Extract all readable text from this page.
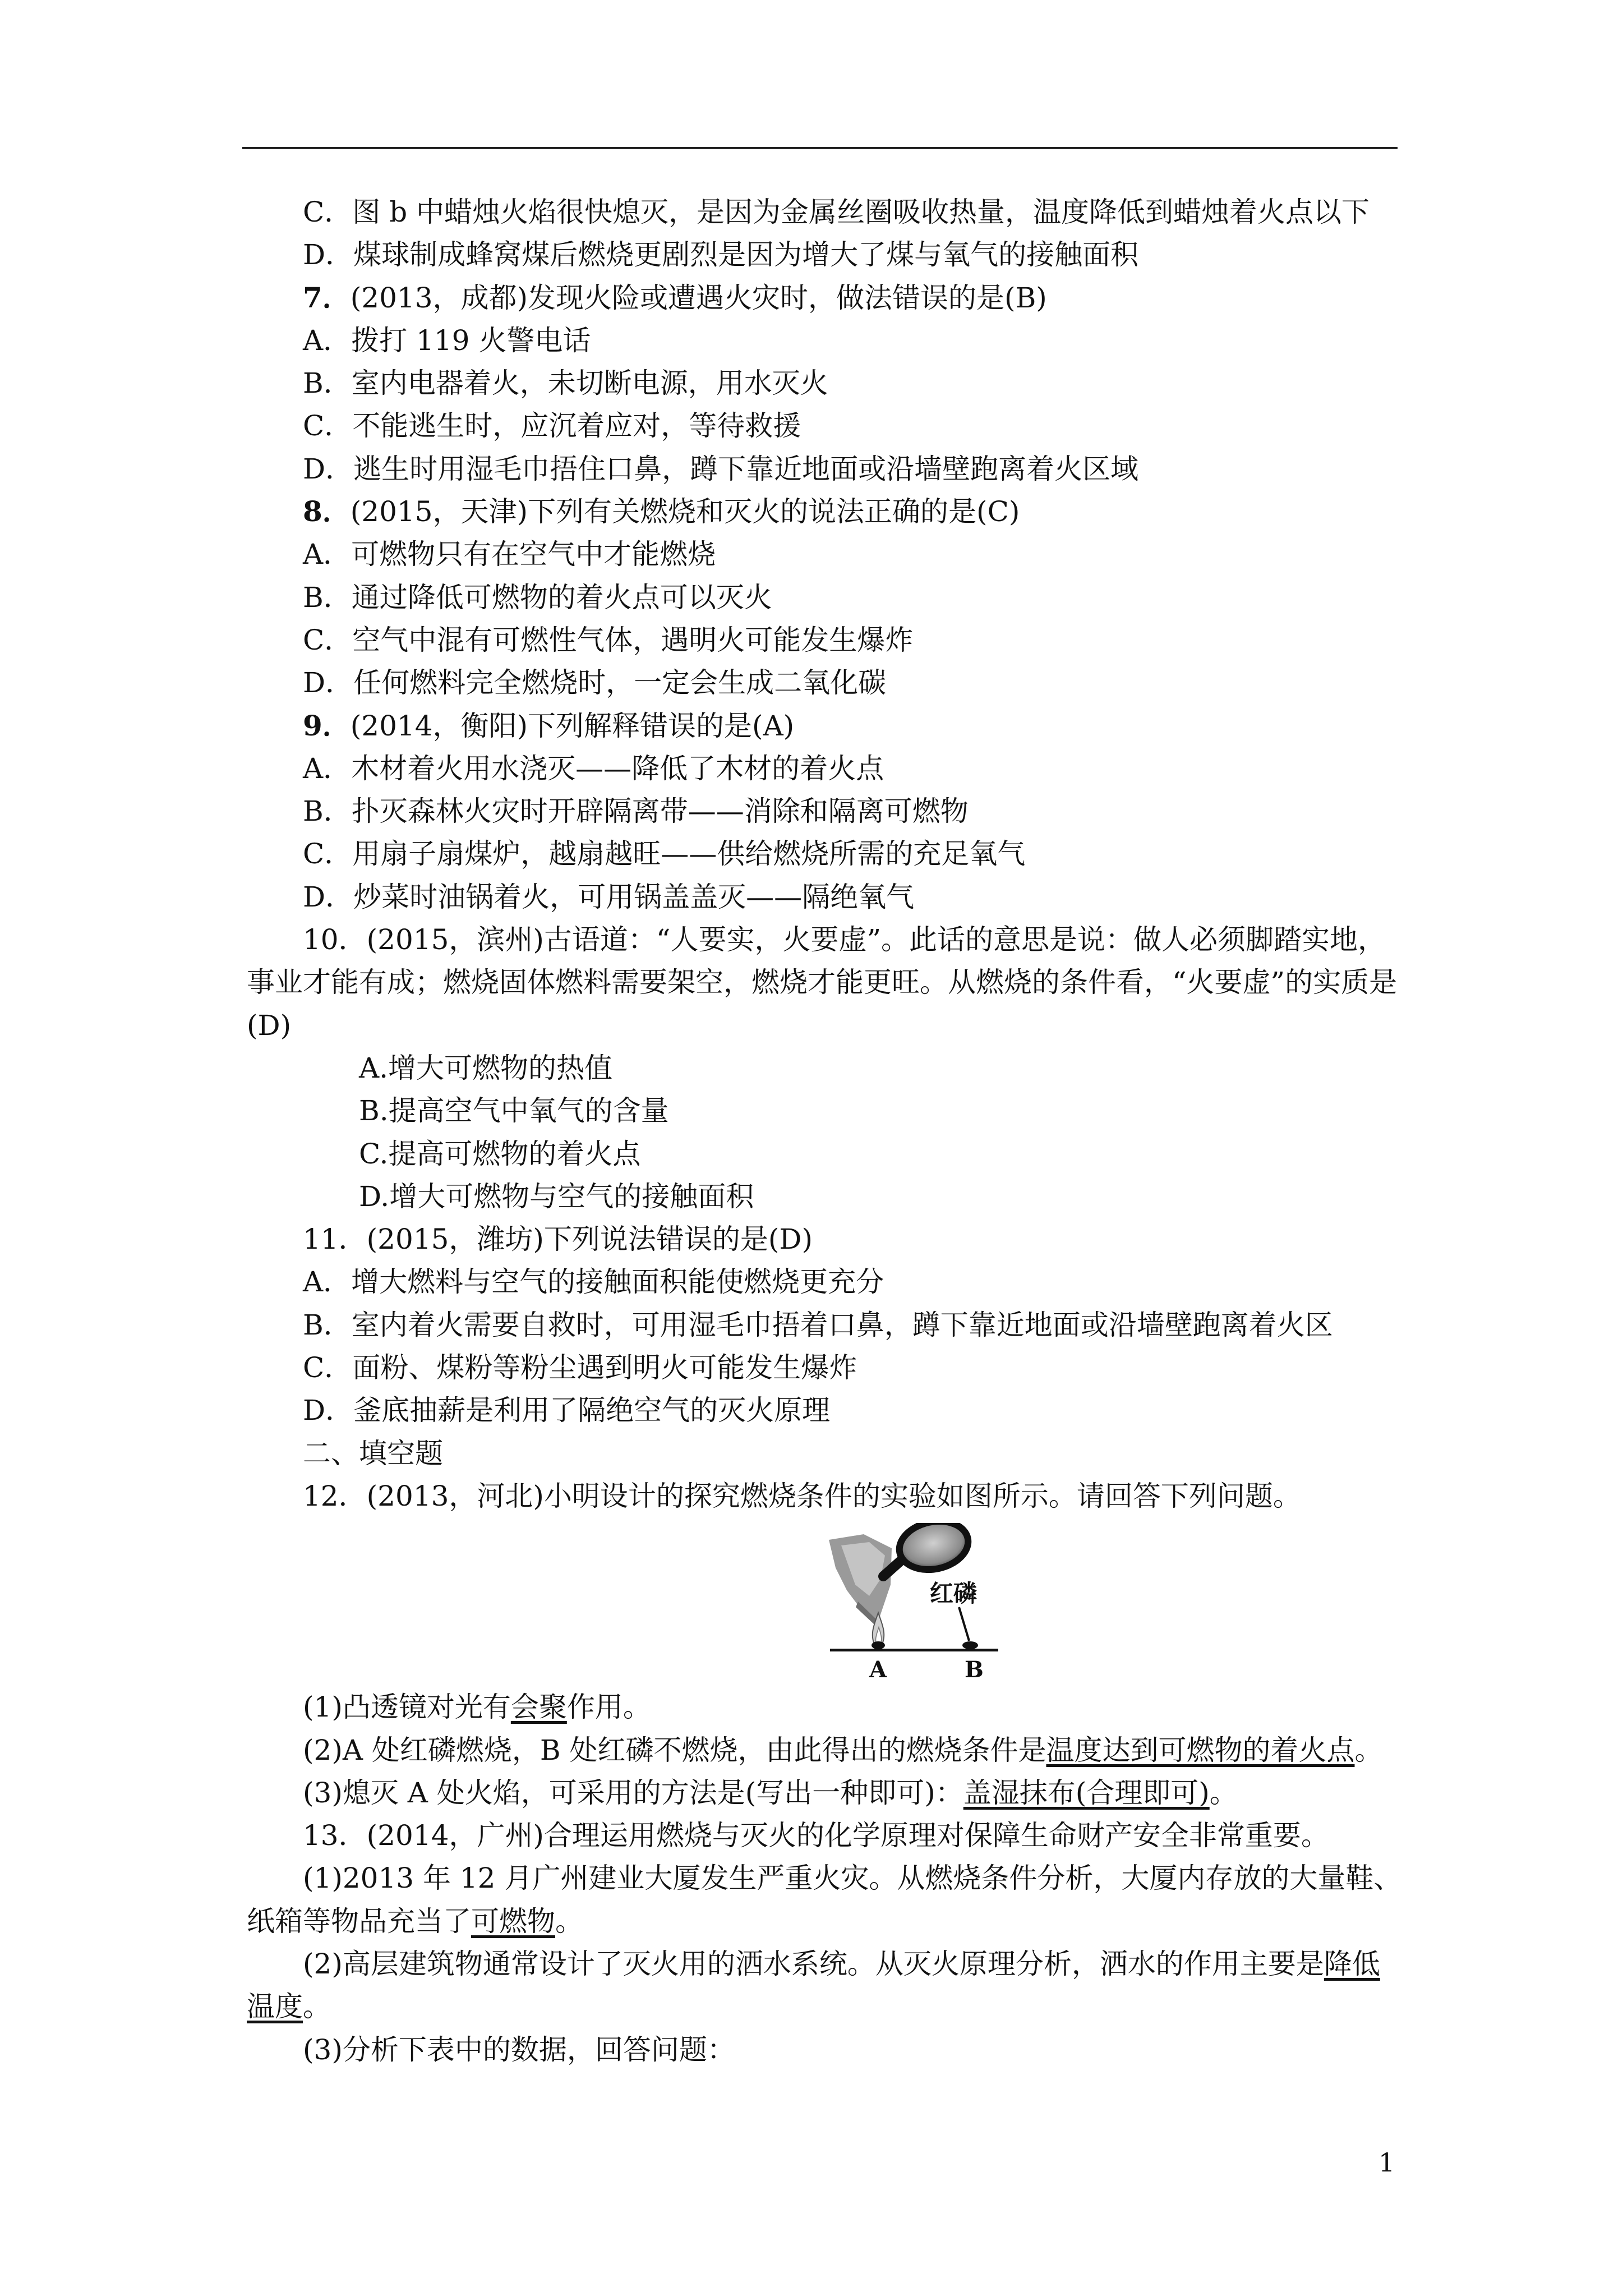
C．图 b 中蜡烛火焰很快熄灭，是因为金属丝圈吸收热量，温度降低到蜡烛着火点以下
D．煤球制成蜂窝煤后燃烧更剧烈是因为增大了煤与氧气的接触面积
7．(2013，成都)发现火险或遭遇火灾时，做法错误的是(B)
A．拨打 119 火警电话
B．室内电器着火，未切断电源，用水灭火
C．不能逃生时，应沉着应对，等待救援
D．逃生时用湿毛巾捂住口鼻，蹲下靠近地面或沿墙壁跑离着火区域
8．(2015，天津)下列有关燃烧和灭火的说法正确的是(C)
A．可燃物只有在空气中才能燃烧
B．通过降低可燃物的着火点可以灭火
C．空气中混有可燃性气体，遇明火可能发生爆炸
D．任何燃料完全燃烧时，一定会生成二氧化碳
9．(2014，衡阳)下列解释错误的是(A)
A．木材着火用水浇灭——降低了木材的着火点
B．扑灭森林火灾时开辟隔离带——消除和隔离可燃物
C．用扇子扇煤炉，越扇越旺——供给燃烧所需的充足氧气
D．炒菜时油锅着火，可用锅盖盖灭——隔绝氧气
10．(2015，滨州)古语道：“人要实，火要虚”。此话的意思是说：做人必须脚踏实地，事业才能有成；燃烧固体燃料需要架空，燃烧才能更旺。从燃烧的条件看，“火要虚”的实质是(D)
A.增大可燃物的热值
B.提高空气中氧气的含量
C.提高可燃物的着火点
D.增大可燃物与空气的接触面积
11．(2015，潍坊)下列说法错误的是(D)
A．增大燃料与空气的接触面积能使燃烧更充分
B．室内着火需要自救时，可用湿毛巾捂着口鼻，蹲下靠近地面或沿墙壁跑离着火区
C．面粉、煤粉等粉尘遇到明火可能发生爆炸
D．釜底抽薪是利用了隔绝空气的灭火原理
二、填空题
12．(2013，河北)小明设计的探究燃烧条件的实验如图所示。请回答下列问题。
红磷
A	B
(1)凸透镜对光有会聚作用。
(2)A 处红磷燃烧，B 处红磷不燃烧，由此得出的燃烧条件是温度达到可燃物的着火点。
(3)熄灭 A 处火焰，可采用的方法是(写出一种即可)：盖湿抹布(合理即可)。
13．(2014，广州)合理运用燃烧与灭火的化学原理对保障生命财产安全非常重要。
(1)2013 年 12 月广州建业大厦发生严重火灾。从燃烧条件分析，大厦内存放的大量鞋、纸箱等物品充当了可燃物。
(2)高层建筑物通常设计了灭火用的洒水系统。从灭火原理分析，洒水的作用主要是降低温度。
(3)分析下表中的数据，回答问题：
1
